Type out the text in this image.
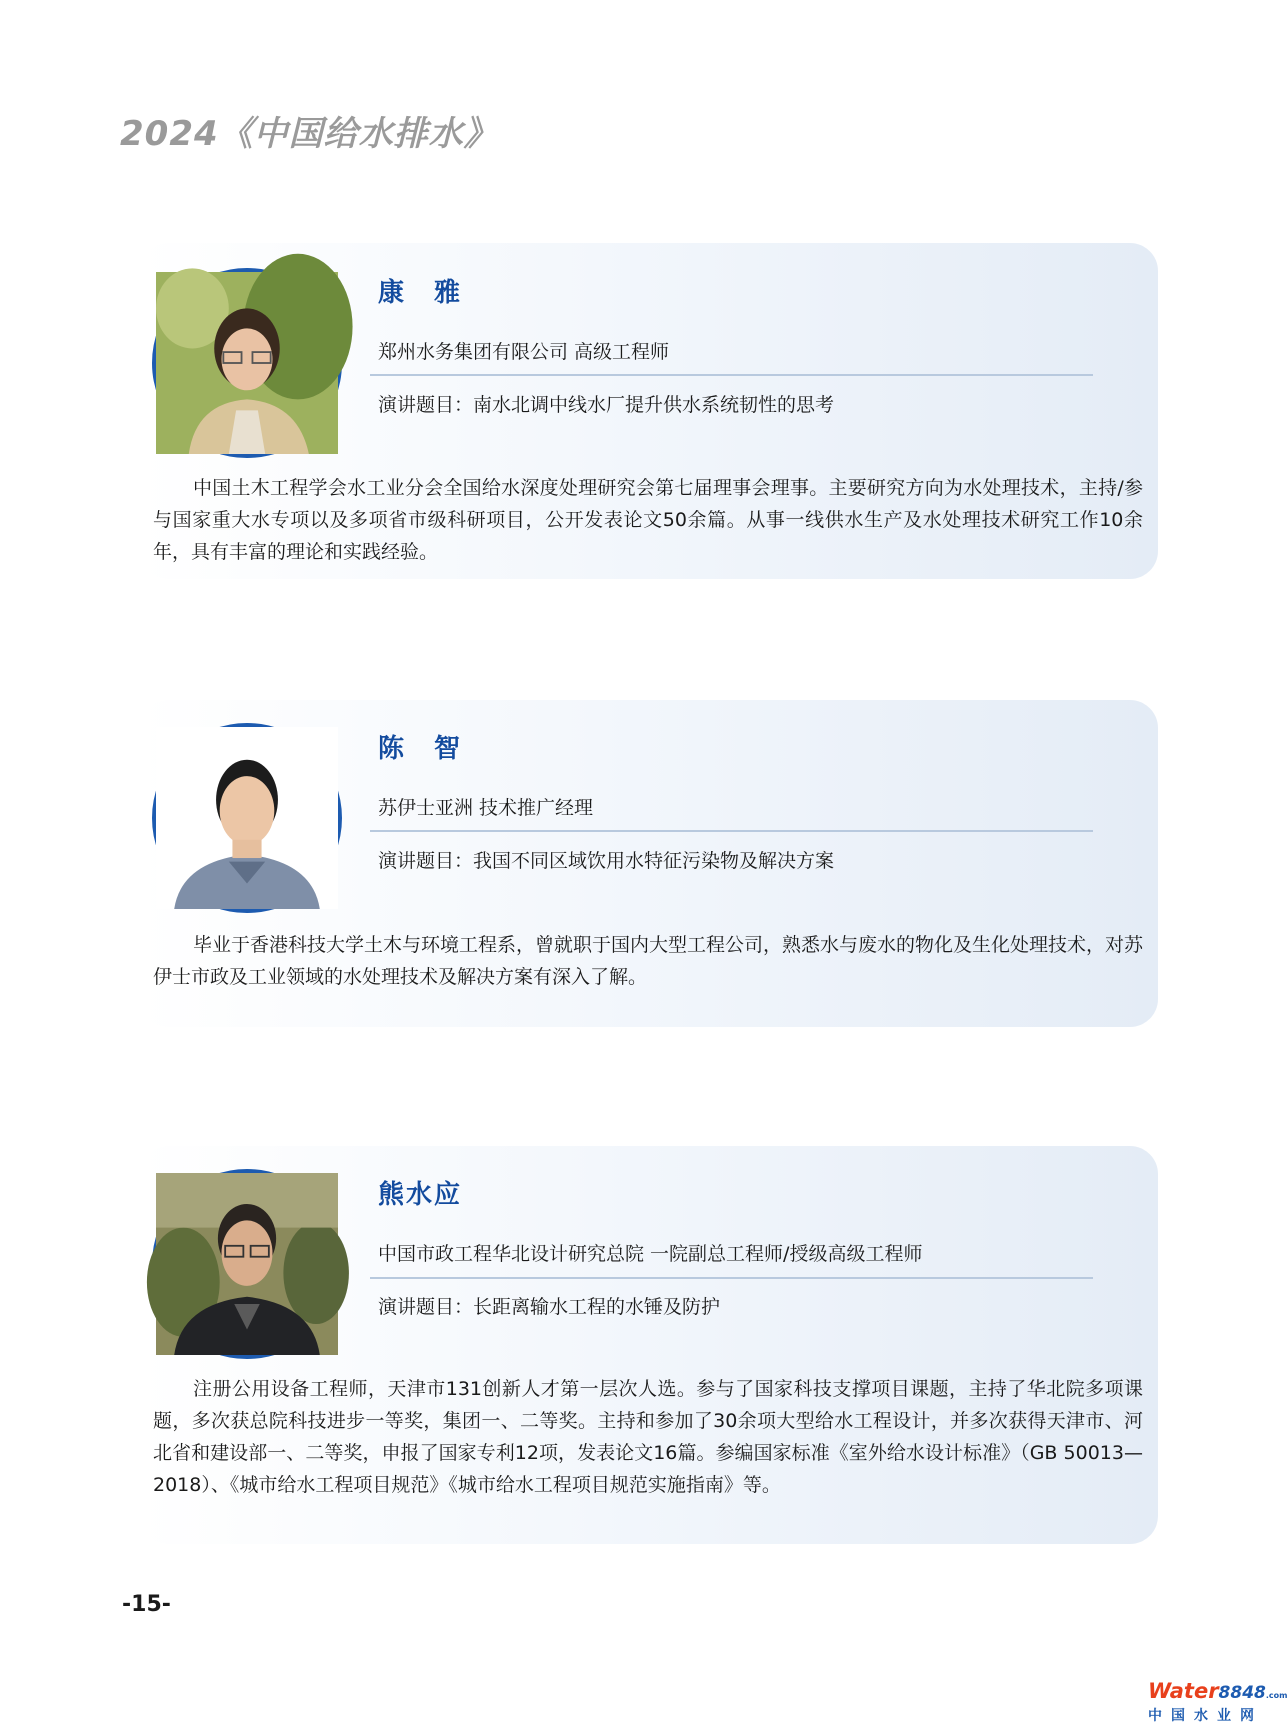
2024《中国给水排水》
康　雅
郑州水务集团有限公司 高级工程师
演讲题目：南水北调中线水厂提升供水系统韧性的思考
中国土木工程学会水工业分会全国给水深度处理研究会第七届理事会理事。主要研究方向为水处理技术，主持/参与国家重大水专项以及多项省市级科研项目，公开发表论文50余篇。从事一线供水生产及水处理技术研究工作10余年，具有丰富的理论和实践经验。
陈　智
苏伊士亚洲 技术推广经理
演讲题目：我国不同区域饮用水特征污染物及解决方案
毕业于香港科技大学土木与环境工程系，曾就职于国内大型工程公司，熟悉水与废水的物化及生化处理技术，对苏伊士市政及工业领域的水处理技术及解决方案有深入了解。
熊水应
中国市政工程华北设计研究总院 一院副总工程师/授级高级工程师
演讲题目：长距离输水工程的水锤及防护
注册公用设备工程师，天津市131创新人才第一层次人选。参与了国家科技支撑项目课题，主持了华北院多项课题，多次获总院科技进步一等奖，集团一、二等奖。主持和参加了30余项大型给水工程设计，并多次获得天津市、河北省和建设部一、二等奖，申报了国家专利12项，发表论文16篇。参编国家标准《室外给水设计标准》（GB 50013—2018）、《城市给水工程项目规范》《城市给水工程项目规范实施指南》等。
-15-
Water8848.com
中国水业网
